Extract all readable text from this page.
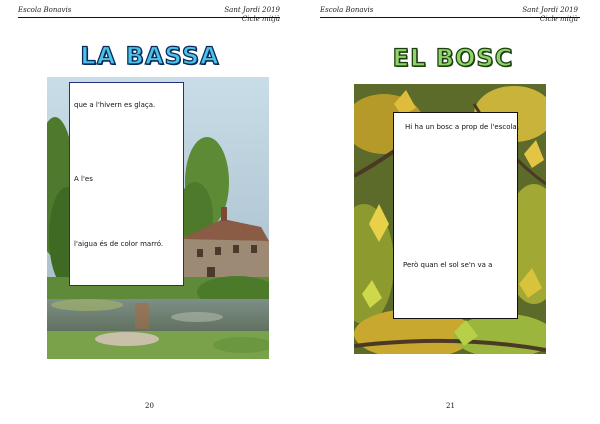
Escola Bonavis	Sant Jordi 2019
Cicle mitjà
LA BASSA
que a l'hivern es glaça.
A l'es
l'aigua és de color marró.
20
Escola Bonavis	Sant Jordi 2019
Cicle mitjà
EL BOSC
Hi ha un bosc a prop de l'escola,
Però quan el sol se'n va a
21
